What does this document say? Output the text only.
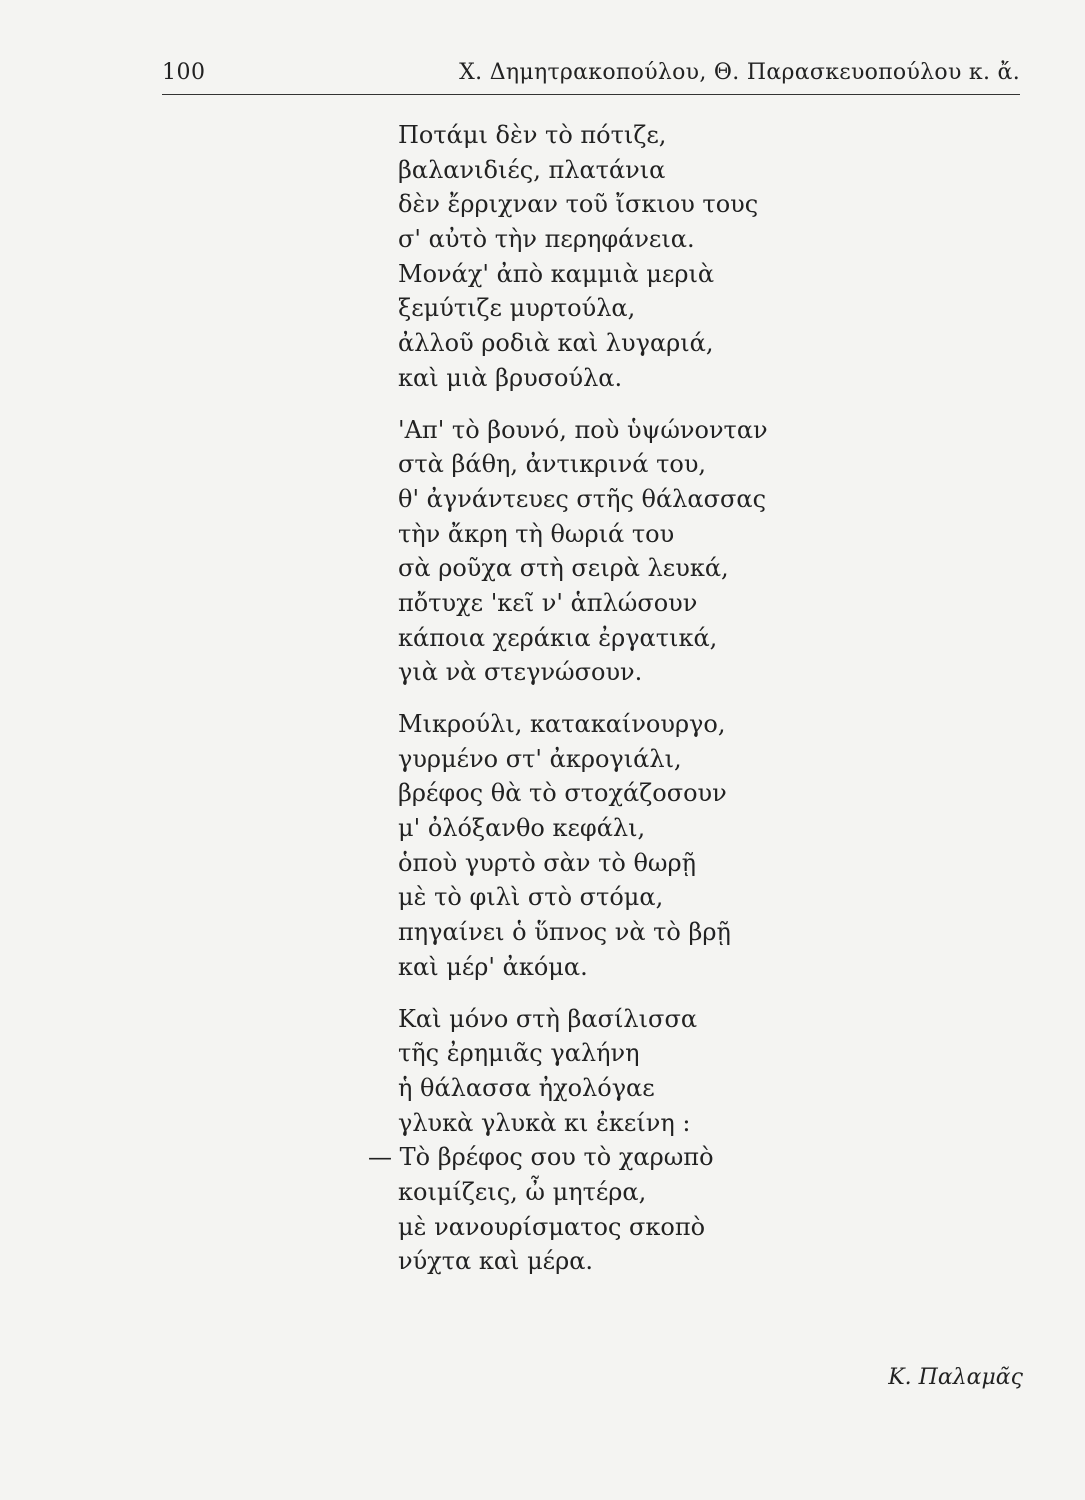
100	Χ. Δημητρακοπούλου, Θ. Παρασκευοπούλου κ. ἄ.
Ποτάμι δὲν τὸ πότιζε,
βαλανιδιές, πλατάνια
δὲν ἔρριχναν τοῦ ἴσκιου τους
σ' αὐτὸ τὴν περηφάνεια.
Μονάχ' ἀπὸ καμμιὰ μεριὰ
ξεμύτιζε μυρτούλα,
ἀλλοῦ ροδιὰ καὶ λυγαριά,
καὶ μιὰ βρυσούλα.
'Απ' τὸ βουνό, ποὺ ὑψώνονταν
στὰ βάθη, ἀντικρινά του,
θ' ἀγνάντευες στῆς θάλασσας
τὴν ἄκρη τὴ θωριά του
σὰ ροῦχα στὴ σειρὰ λευκά,
πὄτυχε 'κεῖ ν' ἁπλώσουν
κάποια χεράκια ἐργατικά,
γιὰ νὰ στεγνώσουν.
Μικρούλι, κατακαίνουργο,
γυρμένο στ' ἀκρογιάλι,
βρέφος θὰ τὸ στοχάζοσουν
μ' ὀλόξανθο κεφάλι,
ὁποὺ γυρτὸ σὰν τὸ θωρῇ
μὲ τὸ φιλὶ στὸ στόμα,
πηγαίνει ὁ ὕπνος νὰ τὸ βρῇ
καὶ μέρ' ἀκόμα.
Καὶ μόνο στὴ βασίλισσα
τῆς ἐρημιᾶς γαλήνη
ἡ θάλασσα ἠχολόγαε
γλυκὰ γλυκὰ κι ἐκείνη :
— Τὸ βρέφος σου τὸ χαρωπὸ
κοιμίζεις, ὦ μητέρα,
μὲ νανουρίσματος σκοπὸ
νύχτα καὶ μέρα.
Κ. Παλαμᾶς
